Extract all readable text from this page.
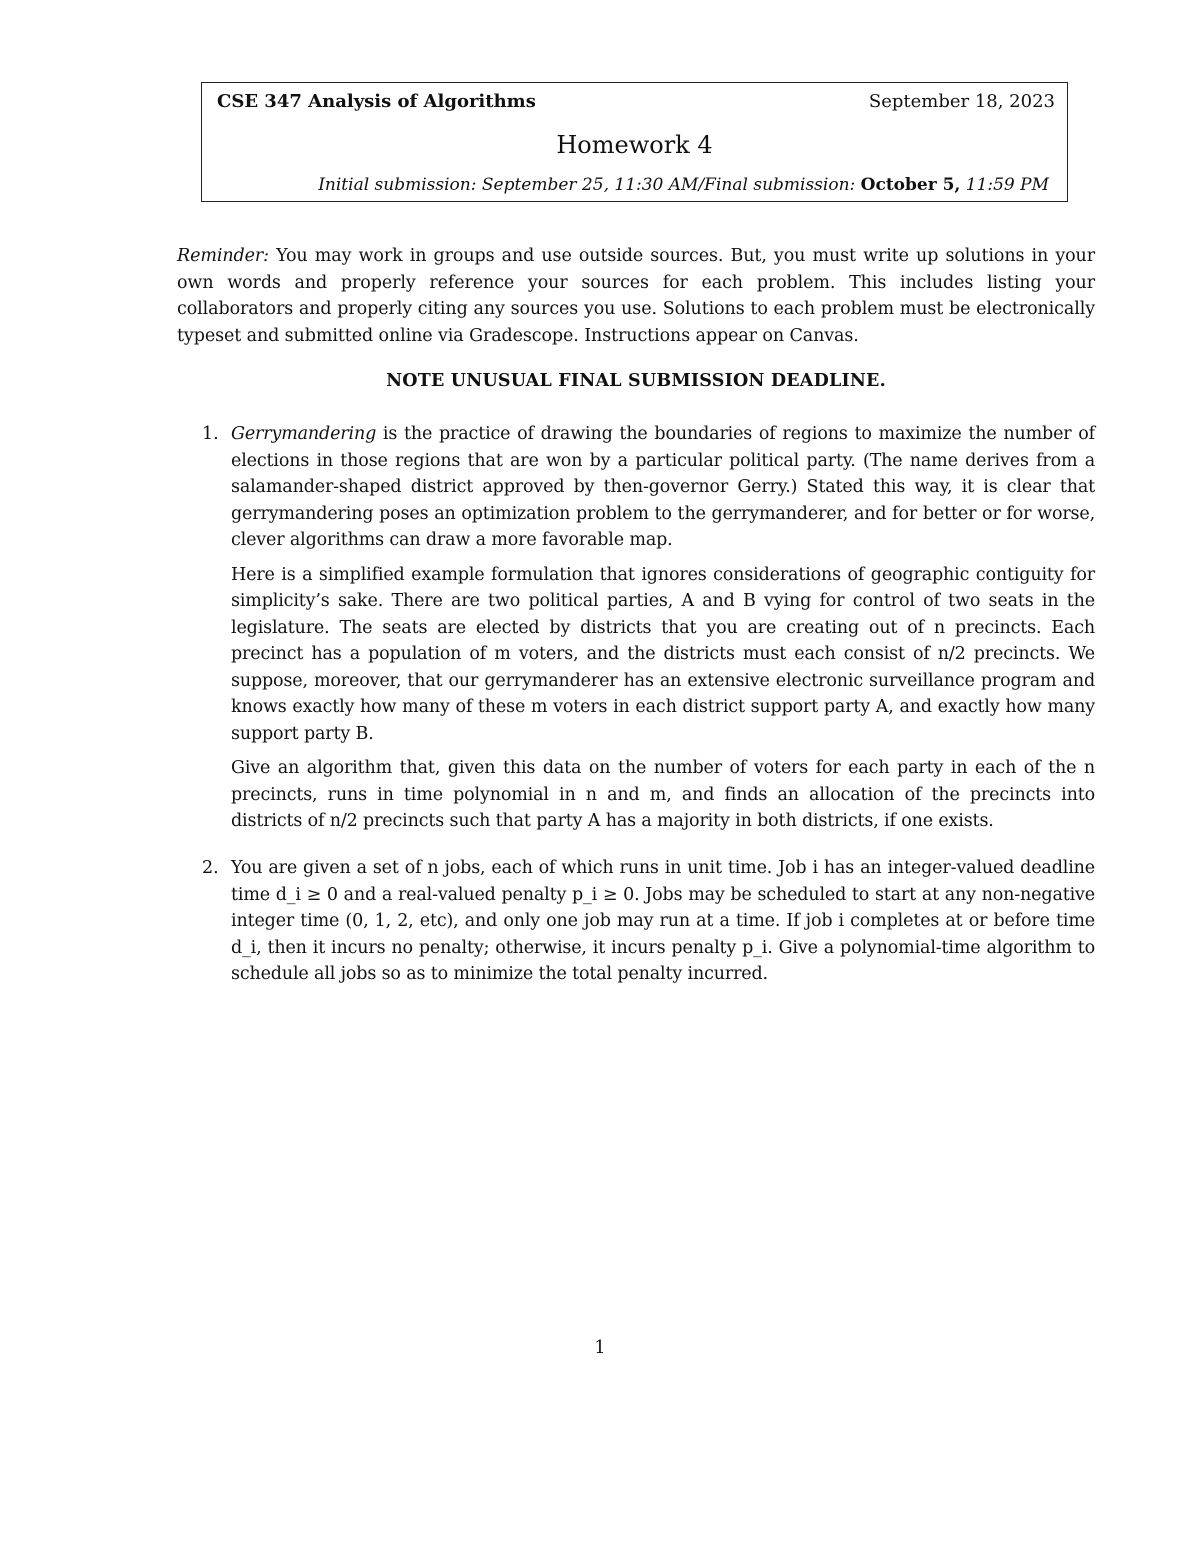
CSE 347 Analysis of Algorithms	September 18, 2023
Homework 4
Initial submission: September 25, 11:30 AM/Final submission: October 5, 11:59 PM
Reminder: You may work in groups and use outside sources. But, you must write up solutions in your own words and properly reference your sources for each problem. This includes listing your collaborators and properly citing any sources you use. Solutions to each problem must be electronically typeset and submitted online via Gradescope. Instructions appear on Canvas.
NOTE UNUSUAL FINAL SUBMISSION DEADLINE.
1. Gerrymandering is the practice of drawing the boundaries of regions to maximize the number of elections in those regions that are won by a particular political party. (The name derives from a salamander-shaped district approved by then-governor Gerry.) Stated this way, it is clear that gerrymandering poses an optimization problem to the gerrymanderer, and for better or for worse, clever algorithms can draw a more favorable map.

Here is a simplified example formulation that ignores considerations of geographic contiguity for simplicity’s sake. There are two political parties, A and B vying for control of two seats in the legislature. The seats are elected by districts that you are creating out of n precincts. Each precinct has a population of m voters, and the districts must each consist of n/2 precincts. We suppose, moreover, that our gerrymanderer has an extensive electronic surveillance program and knows exactly how many of these m voters in each district support party A, and exactly how many support party B.

Give an algorithm that, given this data on the number of voters for each party in each of the n precincts, runs in time polynomial in n and m, and finds an allocation of the precincts into districts of n/2 precincts such that party A has a majority in both districts, if one exists.

2. You are given a set of n jobs, each of which runs in unit time. Job i has an integer-valued deadline time d_i ≥ 0 and a real-valued penalty p_i ≥ 0. Jobs may be scheduled to start at any non-negative integer time (0, 1, 2, etc), and only one job may run at a time. If job i completes at or before time d_i, then it incurs no penalty; otherwise, it incurs penalty p_i. Give a polynomial-time algorithm to schedule all jobs so as to minimize the total penalty incurred.

1
